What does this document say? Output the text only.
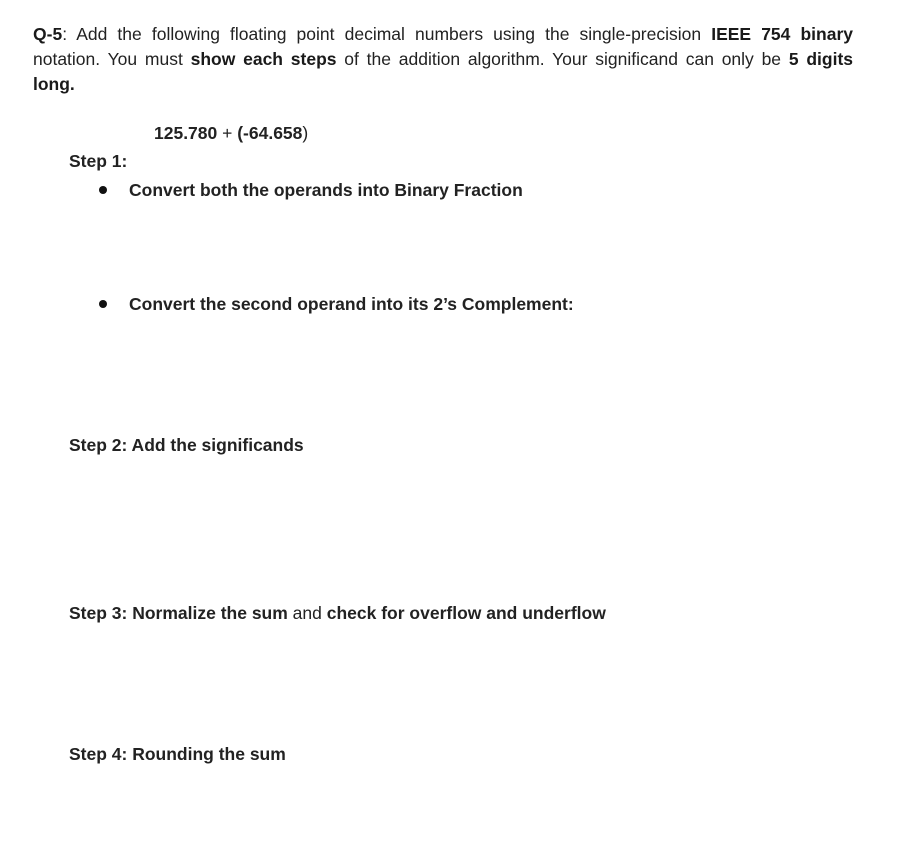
Q-5: Add the following floating point decimal numbers using the single-precision IEEE 754 binary notation. You must show each steps of the addition algorithm. Your significand can only be 5 digits long.

125.780 + (-64.658)

Step 1:

Convert both the operands into Binary Fraction
Convert the second operand into its 2’s Complement:

Step 2: Add the significands

Step 3: Normalize the sum and check for overflow and underflow

Step 4: Rounding the sum
